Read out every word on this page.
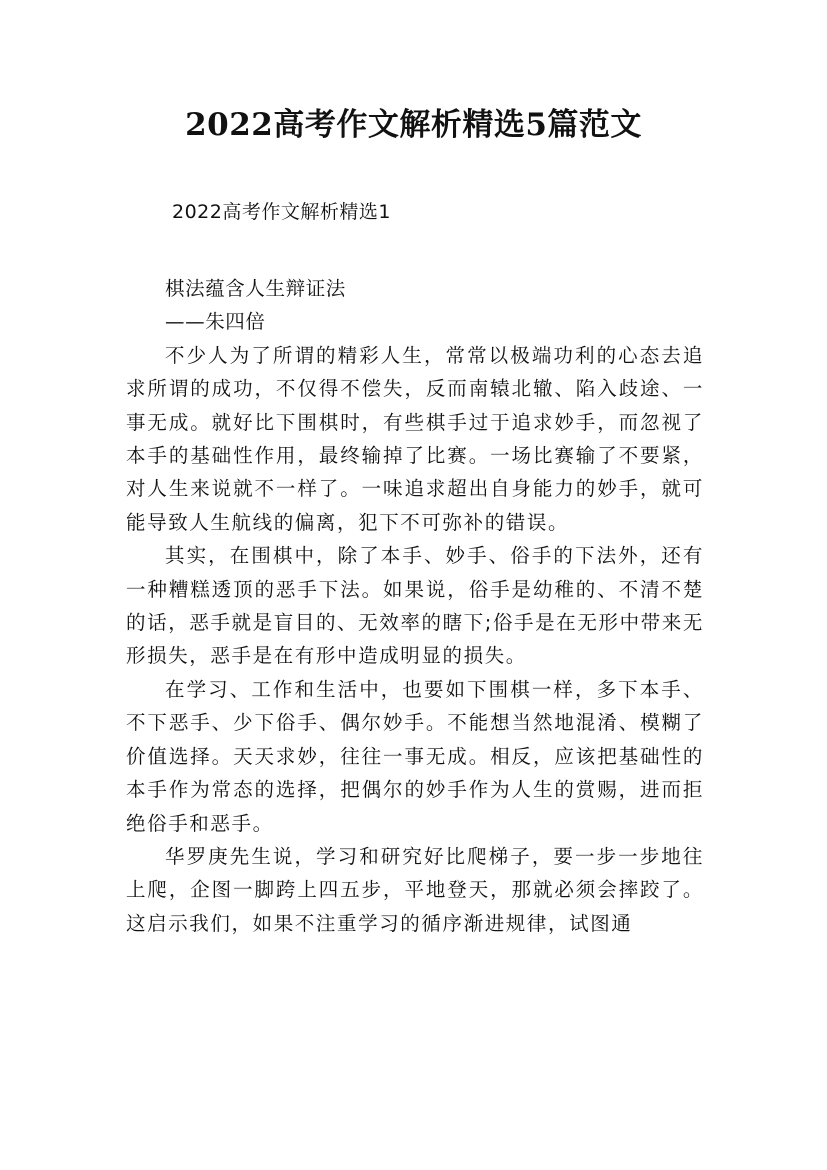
2022高考作文解析精选5篇范文
2022高考作文解析精选1

棋法蕴含人生辩证法

——朱四倍

不少人为了所谓的精彩人生，常常以极端功利的心态去追求所谓的成功，不仅得不偿失，反而南辕北辙、陷入歧途、一事无成。就好比下围棋时，有些棋手过于追求妙手，而忽视了本手的基础性作用，最终输掉了比赛。一场比赛输了不要紧，对人生来说就不一样了。一味追求超出自身能力的妙手，就可能导致人生航线的偏离，犯下不可弥补的错误。

其实，在围棋中，除了本手、妙手、俗手的下法外，还有一种糟糕透顶的恶手下法。如果说，俗手是幼稚的、不清不楚的话，恶手就是盲目的、无效率的瞎下;俗手是在无形中带来无形损失，恶手是在有形中造成明显的损失。

在学习、工作和生活中，也要如下围棋一样，多下本手、不下恶手、少下俗手、偶尔妙手。不能想当然地混淆、模糊了价值选择。天天求妙，往往一事无成。相反，应该把基础性的本手作为常态的选择，把偶尔的妙手作为人生的赏赐，进而拒绝俗手和恶手。

华罗庚先生说，学习和研究好比爬梯子，要一步一步地往上爬，企图一脚跨上四五步，平地登天，那就必须会摔跤了。这启示我们，如果不注重学习的循序渐进规律，试图通
